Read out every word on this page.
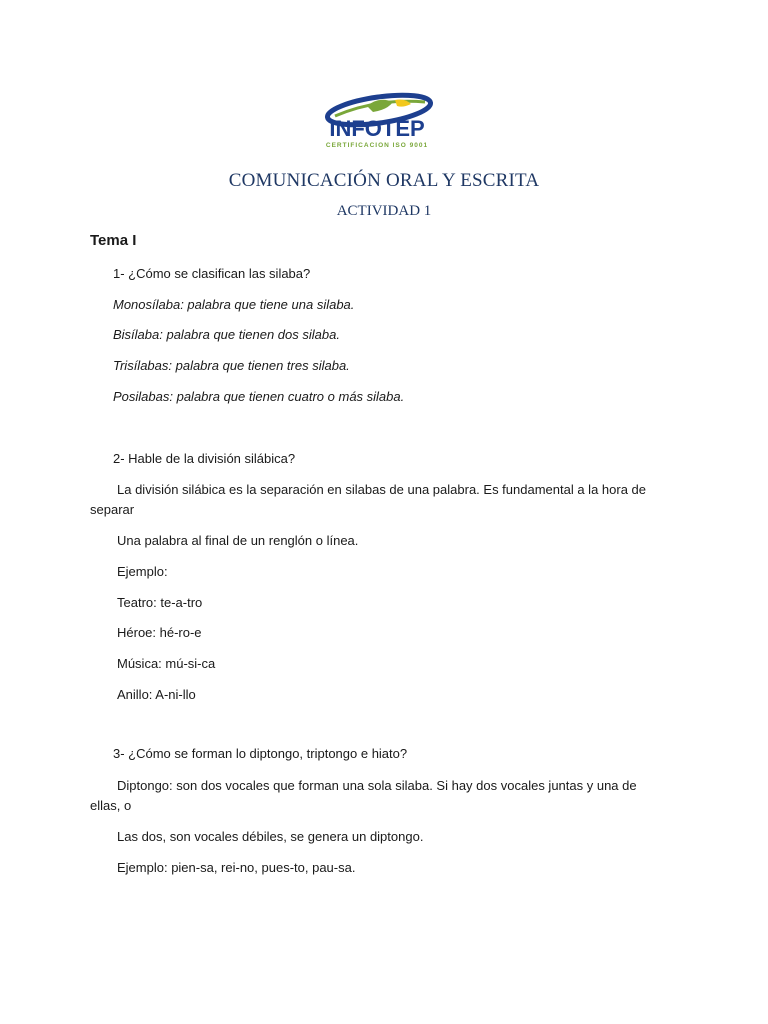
INFOTEP
CERTIFICACION ISO 9001
COMUNICACIÓN ORAL Y ESCRITA
ACTIVIDAD 1
Tema I
1- ¿Cómo se clasifican las silaba?
Monosílaba: palabra que tiene una silaba.
Bisílaba: palabra que tienen dos silaba.
Trisílabas: palabra que tienen tres silaba.
Posilabas: palabra que tienen cuatro o más silaba.
2- Hable de la división silábica?
La división silábica es la separación en silabas de una palabra. Es fundamental a la hora de
separar
Una palabra al final de un renglón o línea.
Ejemplo:
Teatro: te-a-tro
Héroe: hé-ro-e
Música: mú-si-ca
Anillo: A-ni-llo
3- ¿Cómo se forman lo diptongo, triptongo e hiato?
Diptongo: son dos vocales que forman una sola silaba. Si hay dos vocales juntas y una de
ellas, o
Las dos, son vocales débiles, se genera un diptongo.
Ejemplo: pien-sa, rei-no, pues-to, pau-sa.
